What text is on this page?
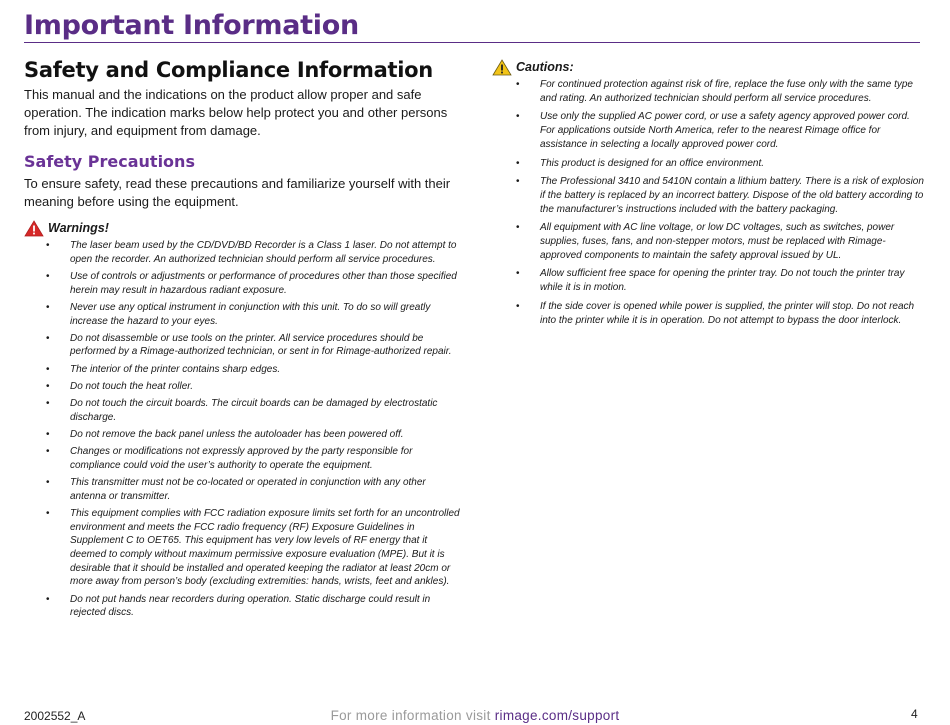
Important Information
Safety and Compliance Information

This manual and the indications on the product allow proper and safe operation. The indication marks below help protect you and other persons from injury, and equipment from damage.

Safety Precautions

To ensure safety, read these precautions and familiarize yourself with their meaning before using the equipment.

Warnings!
• The laser beam used by the CD/DVD/BD Recorder is a Class 1 laser. Do not attempt to open the recorder. An authorized technician should perform all service procedures.
• Use of controls or adjustments or performance of procedures other than those specified herein may result in hazardous radiant exposure.
• Never use any optical instrument in conjunction with this unit. To do so will greatly increase the hazard to your eyes.
• Do not disassemble or use tools on the printer. All service procedures should be performed by a Rimage-authorized technician, or sent in for Rimage-authorized repair.
• The interior of the printer contains sharp edges.
• Do not touch the heat roller.
• Do not touch the circuit boards. The circuit boards can be damaged by electrostatic discharge.
• Do not remove the back panel unless the autoloader has been powered off.
• Changes or modifications not expressly approved by the party responsible for compliance could void the user’s authority to operate the equipment.
• This transmitter must not be co-located or operated in conjunction with any other antenna or transmitter.
• This equipment complies with FCC radiation exposure limits set forth for an uncontrolled environment and meets the FCC radio frequency (RF) Exposure Guidelines in Supplement C to OET65. This equipment has very low levels of RF energy that it deemed to comply without maximum permissive exposure evaluation (MPE). But it is desirable that it should be installed and operated keeping the radiator at least 20cm or more away from person’s body (excluding extremities: hands, wrists, feet and ankles).
• Do not put hands near recorders during operation. Static discharge could result in rejected discs.
Cautions:
• For continued protection against risk of fire, replace the fuse only with the same type and rating. An authorized technician should perform all service procedures.
• Use only the supplied AC power cord, or use a safety agency approved power cord. For applications outside North America, refer to the nearest Rimage office for assistance in selecting a locally approved power cord.
• This product is designed for an office environment.
• The Professional 3410 and 5410N contain a lithium battery. There is a risk of explosion if the battery is replaced by an incorrect battery. Dispose of the old battery according to the manufacturer’s instructions included with the battery packaging.
• All equipment with AC line voltage, or low DC voltages, such as switches, power supplies, fuses, fans, and non-stepper motors, must be replaced with Rimage-approved components to maintain the safety approval issued by UL.
• Allow sufficient free space for opening the printer tray. Do not touch the printer tray while it is in motion.
• If the side cover is opened while power is supplied, the printer will stop. Do not reach into the printer while it is in operation. Do not attempt to bypass the door interlock.
2002552_A	For more information visit rimage.com/support	4
